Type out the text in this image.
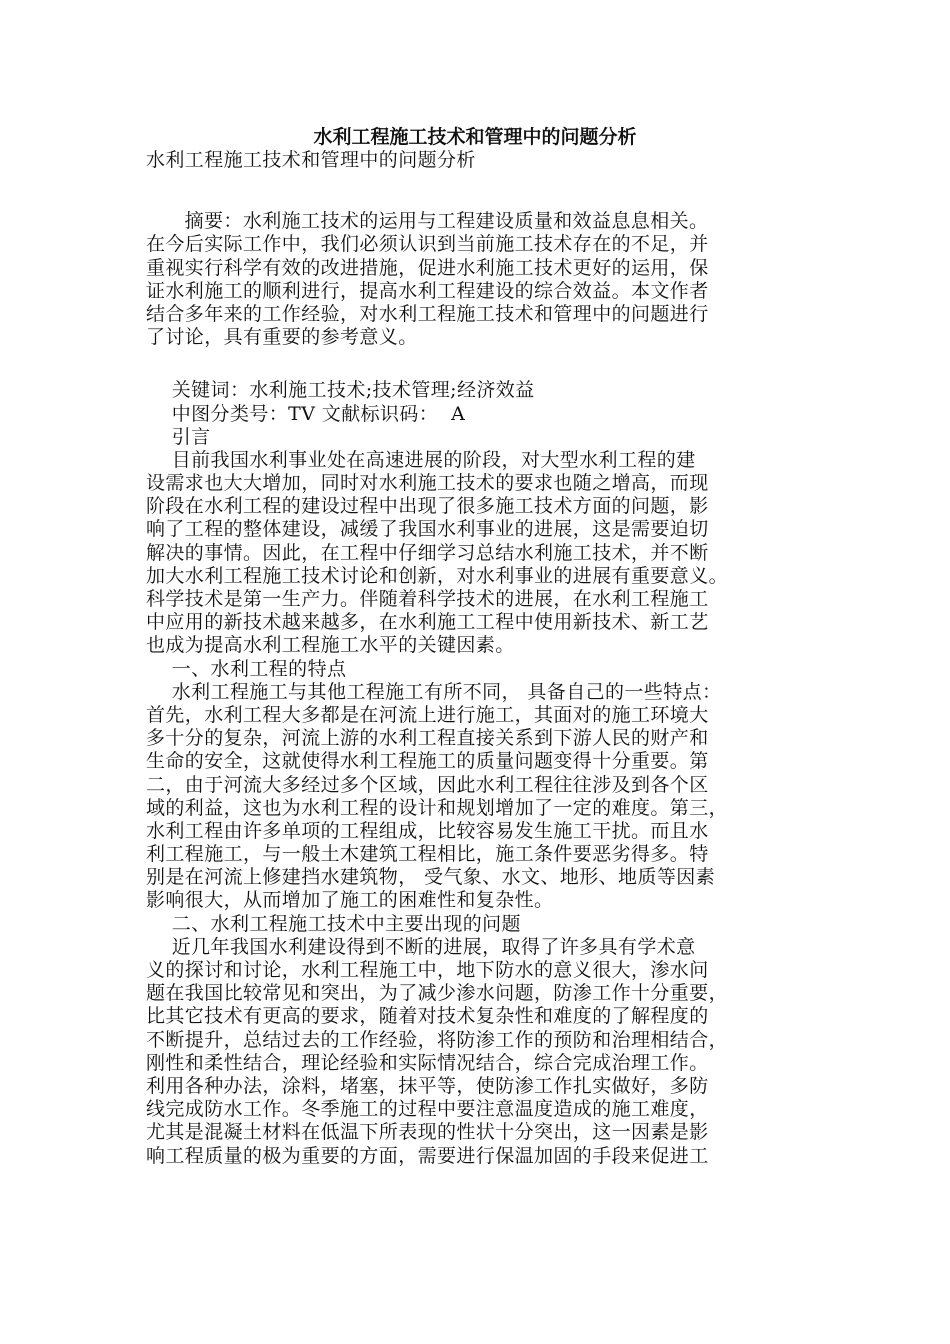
水利工程施工技术和管理中的问题分析
水利工程施工技术和管理中的问题分析
摘要：水利施工技术的运用与工程建设质量和效益息息相关。
在今后实际工作中，我们必须认识到当前施工技术存在的不足，并
重视实行科学有效的改进措施，促进水利施工技术更好的运用，保
证水利施工的顺利进行，提高水利工程建设的综合效益。本文作者
结合多年来的工作经验，对水利工程施工技术和管理中的问题进行
了讨论，具有重要的参考意义。
关键词：水利施工技术;技术管理;经济效益
中图分类号：TV 文献标识码：  A
引言
目前我国水利事业处在高速进展的阶段，对大型水利工程的建
设需求也大大增加，同时对水利施工技术的要求也随之增高，而现
阶段在水利工程的建设过程中出现了很多施工技术方面的问题，影
响了工程的整体建设，减缓了我国水利事业的进展，这是需要迫切
解决的事情。因此，在工程中仔细学习总结水利施工技术，并不断
加大水利工程施工技术讨论和创新，对水利事业的进展有重要意义。
科学技术是第一生产力。伴随着科学技术的进展，在水利工程施工
中应用的新技术越来越多，在水利施工工程中使用新技术、新工艺
也成为提高水利工程施工水平的关键因素。
一、水利工程的特点
水利工程施工与其他工程施工有所不同， 具备自己的一些特点：
首先，水利工程大多都是在河流上进行施工，其面对的施工环境大
多十分的复杂，河流上游的水利工程直接关系到下游人民的财产和
生命的安全，这就使得水利工程施工的质量问题变得十分重要。第
二，由于河流大多经过多个区域，因此水利工程往往涉及到各个区
域的利益，这也为水利工程的设计和规划增加了一定的难度。第三，
水利工程由许多单项的工程组成，比较容易发生施工干扰。而且水
利工程施工，与一般土木建筑工程相比，施工条件要恶劣得多。特
别是在河流上修建挡水建筑物， 受气象、水文、地形、地质等因素
影响很大，从而增加了施工的困难性和复杂性。
二、水利工程施工技术中主要出现的问题
近几年我国水利建设得到不断的进展，取得了许多具有学术意
义的探讨和讨论，水利工程施工中，地下防水的意义很大，渗水问
题在我国比较常见和突出，为了减少渗水问题，防渗工作十分重要，
比其它技术有更高的要求，随着对技术复杂性和难度的了解程度的
不断提升，总结过去的工作经验，将防渗工作的预防和治理相结合，
刚性和柔性结合，理论经验和实际情况结合，综合完成治理工作。
利用各种办法，涂料，堵塞，抹平等，使防渗工作扎实做好，多防
线完成防水工作。冬季施工的过程中要注意温度造成的施工难度，
尤其是混凝土材料在低温下所表现的性状十分突出，这一因素是影
响工程质量的极为重要的方面，需要进行保温加固的手段来促进工
